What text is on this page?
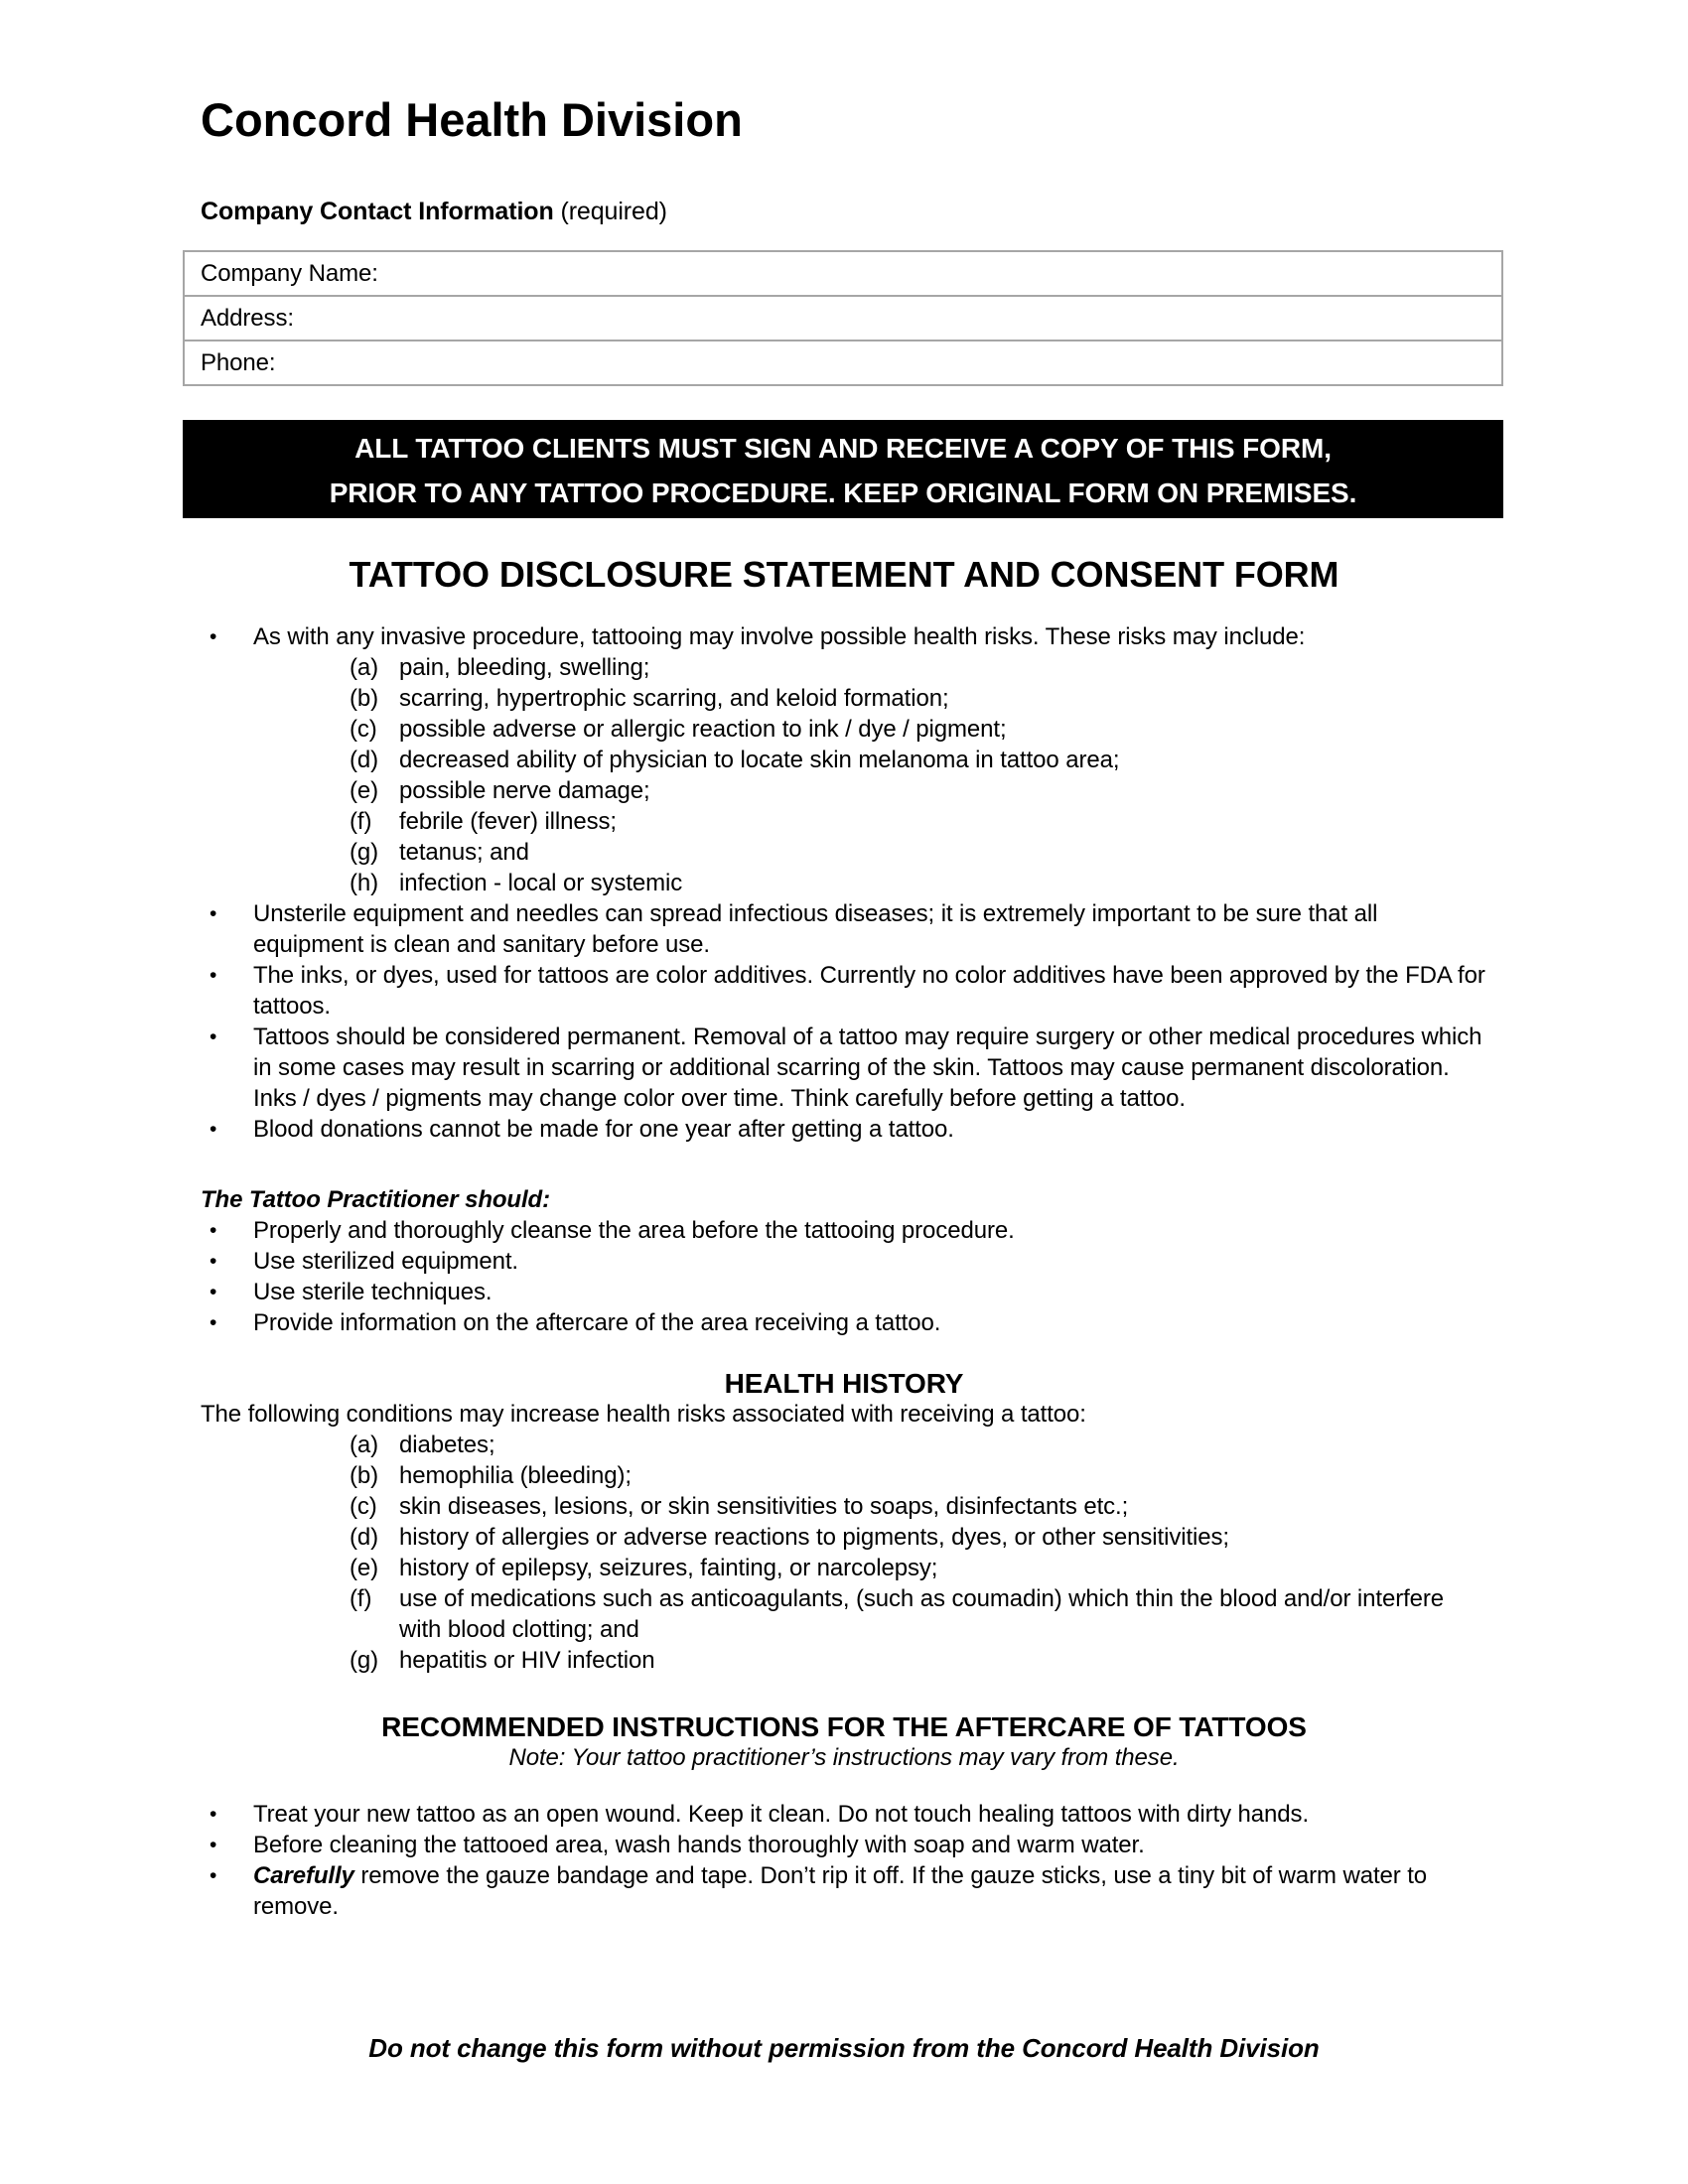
Concord Health Division

Company Contact Information (required)

Company Name:
Address:
Phone:
ALL TATTOO CLIENTS MUST SIGN AND RECEIVE A COPY OF THIS FORM,
PRIOR TO ANY TATTOO PROCEDURE. KEEP ORIGINAL FORM ON PREMISES.
TATTOO DISCLOSURE STATEMENT AND CONSENT FORM
• As with any invasive procedure, tattooing may involve possible health risks. These risks may include:
(a) pain, bleeding, swelling;
(b) scarring, hypertrophic scarring, and keloid formation;
(c) possible adverse or allergic reaction to ink / dye / pigment;
(d) decreased ability of physician to locate skin melanoma in tattoo area;
(e) possible nerve damage;
(f)	febrile (fever) illness;
(g) tetanus; and
(h) infection - local or systemic
• Unsterile equipment and needles can spread infectious diseases; it is extremely important to be sure that all equipment is clean and sanitary before use.
• The inks, or dyes, used for tattoos are color additives. Currently no color additives have been approved by the FDA for tattoos.
• Tattoos should be considered permanent. Removal of a tattoo may require surgery or other medical procedures which in some cases may result in scarring or additional scarring of the skin. Tattoos may cause permanent discoloration. Inks / dyes / pigments may change color over time. Think carefully before getting a tattoo.
• Blood donations cannot be made for one year after getting a tattoo.
The Tattoo Practitioner should:
• Properly and thoroughly cleanse the area before the tattooing procedure.
• Use sterilized equipment.
• Use sterile techniques.
• Provide information on the aftercare of the area receiving a tattoo.
HEALTH HISTORY
The following conditions may increase health risks associated with receiving a tattoo:
(a) diabetes;
(b) hemophilia (bleeding);
(c) skin diseases, lesions, or skin sensitivities to soaps, disinfectants etc.;
(d) history of allergies or adverse reactions to pigments, dyes, or other sensitivities;
(e) history of epilepsy, seizures, fainting, or narcolepsy;
(f)	use of medications such as anticoagulants, (such as coumadin) which thin the blood and/or interfere with blood clotting; and
(g) hepatitis or HIV infection
RECOMMENDED INSTRUCTIONS FOR THE AFTERCARE OF TATTOOS
Note: Your tattoo practitioner’s instructions may vary from these.
• Treat your new tattoo as an open wound. Keep it clean. Do not touch healing tattoos with dirty hands.
• Before cleaning the tattooed area, wash hands thoroughly with soap and warm water.
• Carefully remove the gauze bandage and tape. Don’t rip it off. If the gauze sticks, use a tiny bit of warm water to remove.
Do not change this form without permission from the Concord Health Division
